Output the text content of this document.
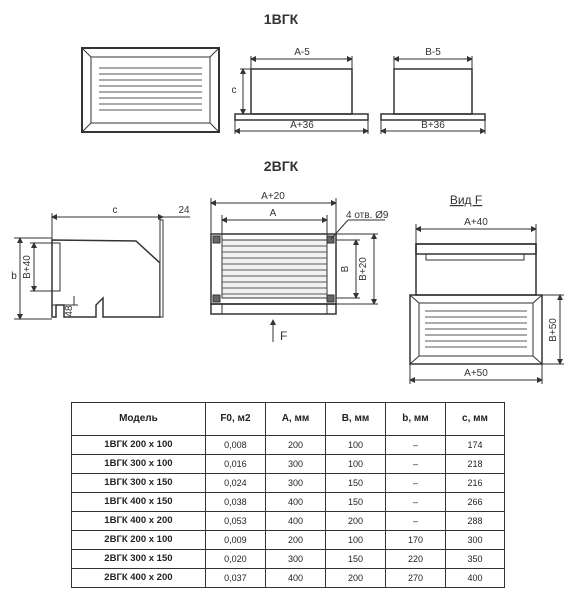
1ВГК
А-5
А+36
с
В-5
В+36
2ВГК
с	24
b В+40
48
А+20
А	4 отв. Ø9
В В+20
F
Вид F
А+40
В+50
А+50
Модель	F0, м2	A, мм	B, мм	b, мм	c, мм
1ВГК 200 х 100	0,008	200	100	–	174
1ВГК 300 х 100	0,016	300	100	–	218
1ВГК 300 х 150	0,024	300	150	–	216
1ВГК 400 х 150	0,038	400	150	–	266
1ВГК 400 х 200	0,053	400	200	–	288
2ВГК 200 х 100	0,009	200	100	170	300
2ВГК 300 х 150	0,020	300	150	220	350
2ВГК 400 х 200	0,037	400	200	270	400
